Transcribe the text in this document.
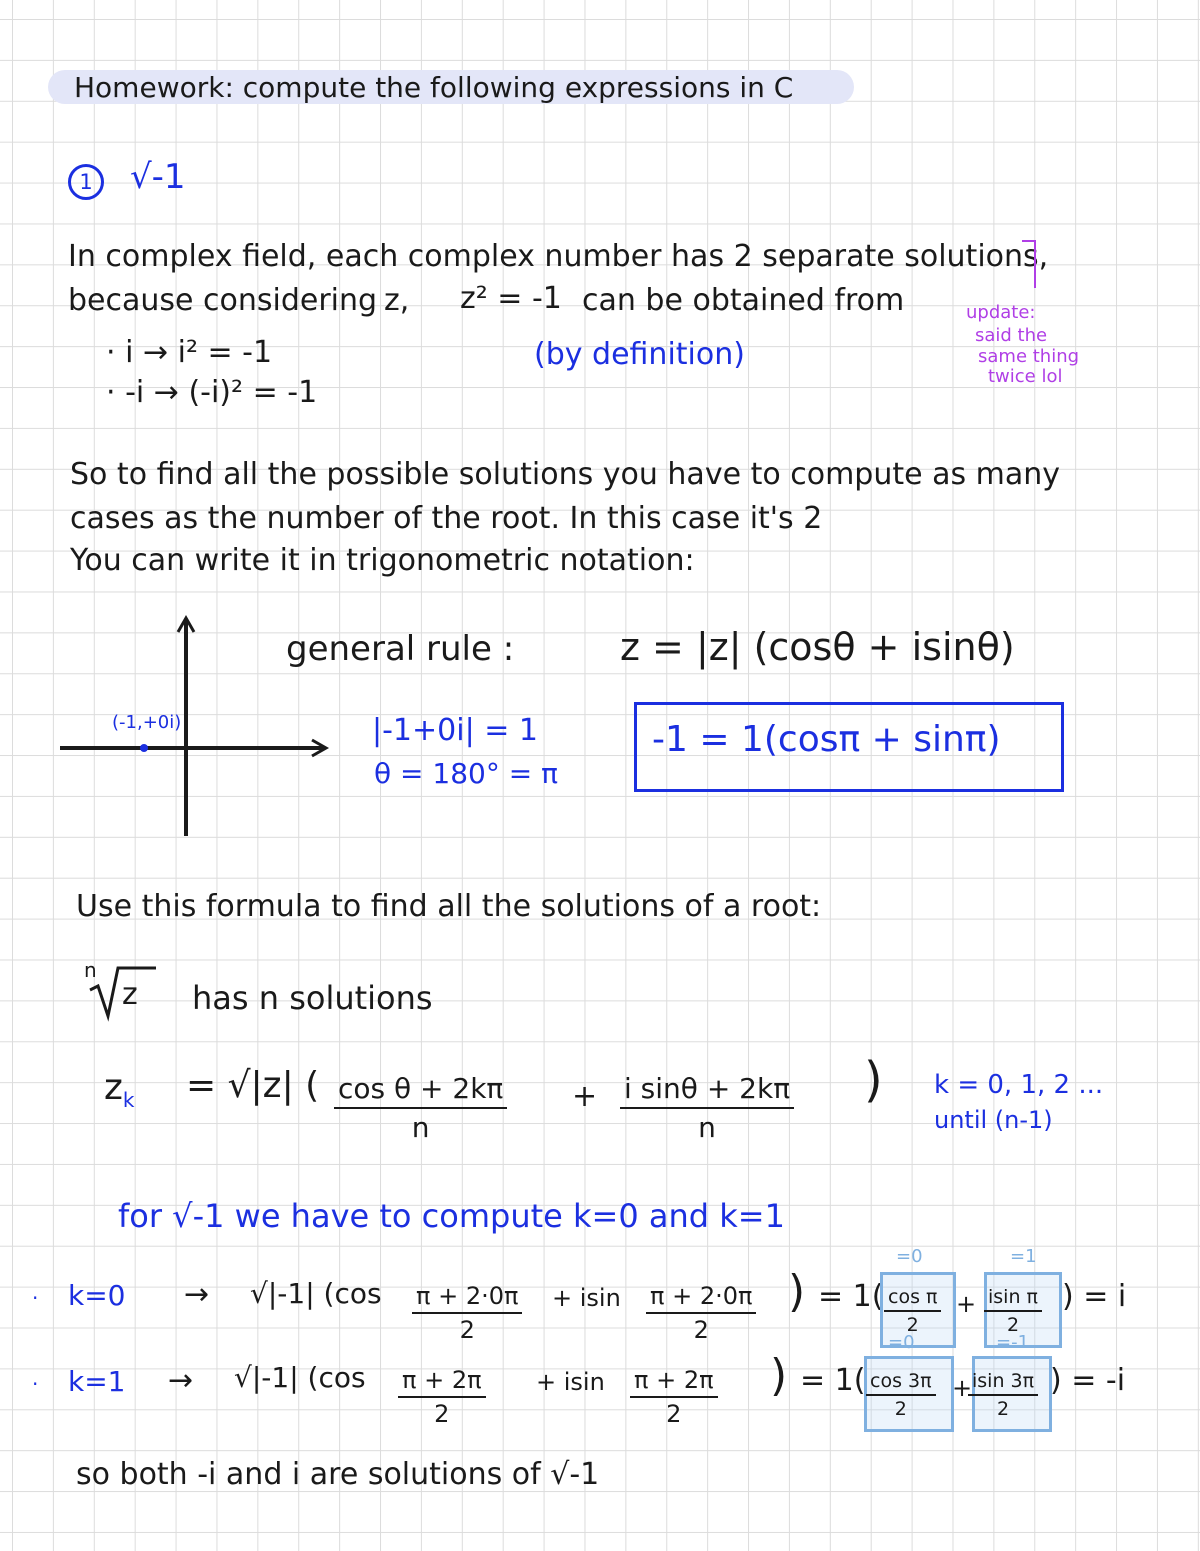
Homework: compute the following expressions in C
1	√-1
In complex field, each complex number has 2 separate solutions,
because considering z, z² = -1 can be obtained from
· i → i² = -1
· -i → (-i)² = -1
(by definition)
update:
said the
same thing
twice lol
So to find all the possible solutions you have to compute as many
cases as the number of the root. In this case it's 2
You can write it in trigonometric notation:
(-1,+0i)
general rule :	z = |z| (cosθ + isinθ)
|-1+0i| = 1
θ = 180° = π
-1 = 1(cosπ + sinπ)
Use this formula to find all the solutions of a root:
n
z has n solutions
$z_k = √|z|$ ( $\frac{\text{cos θ + 2kπ}}{n} + \frac{\text{i sinθ + 2kπ}}{n}$ ) k = 0, 1, 2 ...
until (n-1)
for √-1 we have to compute k=0 and k=1
· k=0 → √|-1| ($\cos \frac{\pi + 2\cdot 0\pi}{2} + isin \frac{\pi + 2\cdot 0\pi}{2}$ ) = $1( \frac{\text{cos π}}{2}$
=0
+ $\frac{\text{isin π}}{2}$
=1
) = i
· k=1 → √|-1| ($\cos \frac{\pi + 2\pi}{2} + isin \frac{\pi + 2\pi}{2}$ ) = $1( \frac{\cos 3\pi}{2}$
=0
+
$\frac{isin 3\pi}{2}$
=-1
) = -i
so both -i and i are solutions of √-1
